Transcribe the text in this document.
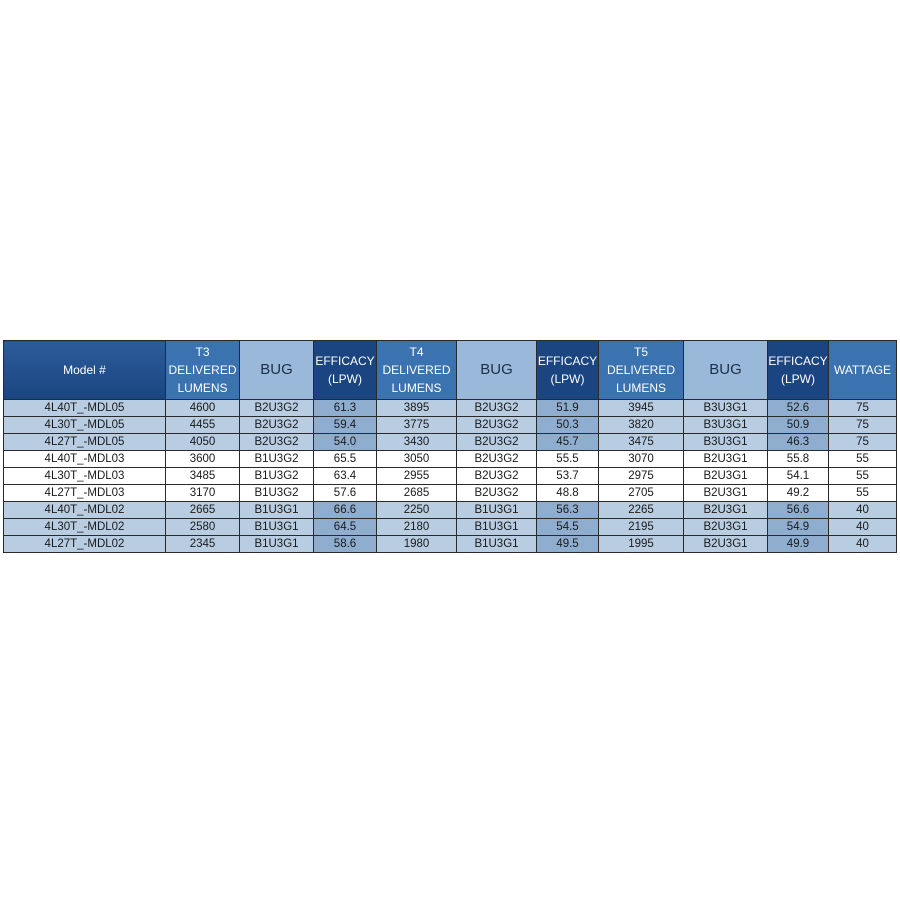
Model #	T3 DELIVERED LUMENS	BUG	EFFICACY (LPW)	T4 DELIVERED LUMENS	BUG	EFFICACY (LPW)	T5 DELIVERED LUMENS	BUG	EFFICACY (LPW)	WATTAGE
4L40T_-MDL05	4600	B2U3G2	61.3	3895	B2U3G2	51.9	3945	B3U3G1	52.6	75
4L30T_-MDL05	4455	B2U3G2	59.4	3775	B2U3G2	50.3	3820	B3U3G1	50.9	75
4L27T_-MDL05	4050	B2U3G2	54.0	3430	B2U3G2	45.7	3475	B3U3G1	46.3	75
4L40T_-MDL03	3600	B1U3G2	65.5	3050	B2U3G2	55.5	3070	B2U3G1	55.8	55
4L30T_-MDL03	3485	B1U3G2	63.4	2955	B2U3G2	53.7	2975	B2U3G1	54.1	55
4L27T_-MDL03	3170	B1U3G2	57.6	2685	B2U3G2	48.8	2705	B2U3G1	49.2	55
4L40T_-MDL02	2665	B1U3G1	66.6	2250	B1U3G1	56.3	2265	B2U3G1	56.6	40
4L30T_-MDL02	2580	B1U3G1	64.5	2180	B1U3G1	54.5	2195	B2U3G1	54.9	40
4L27T_-MDL02	2345	B1U3G1	58.6	1980	B1U3G1	49.5	1995	B2U3G1	49.9	40
